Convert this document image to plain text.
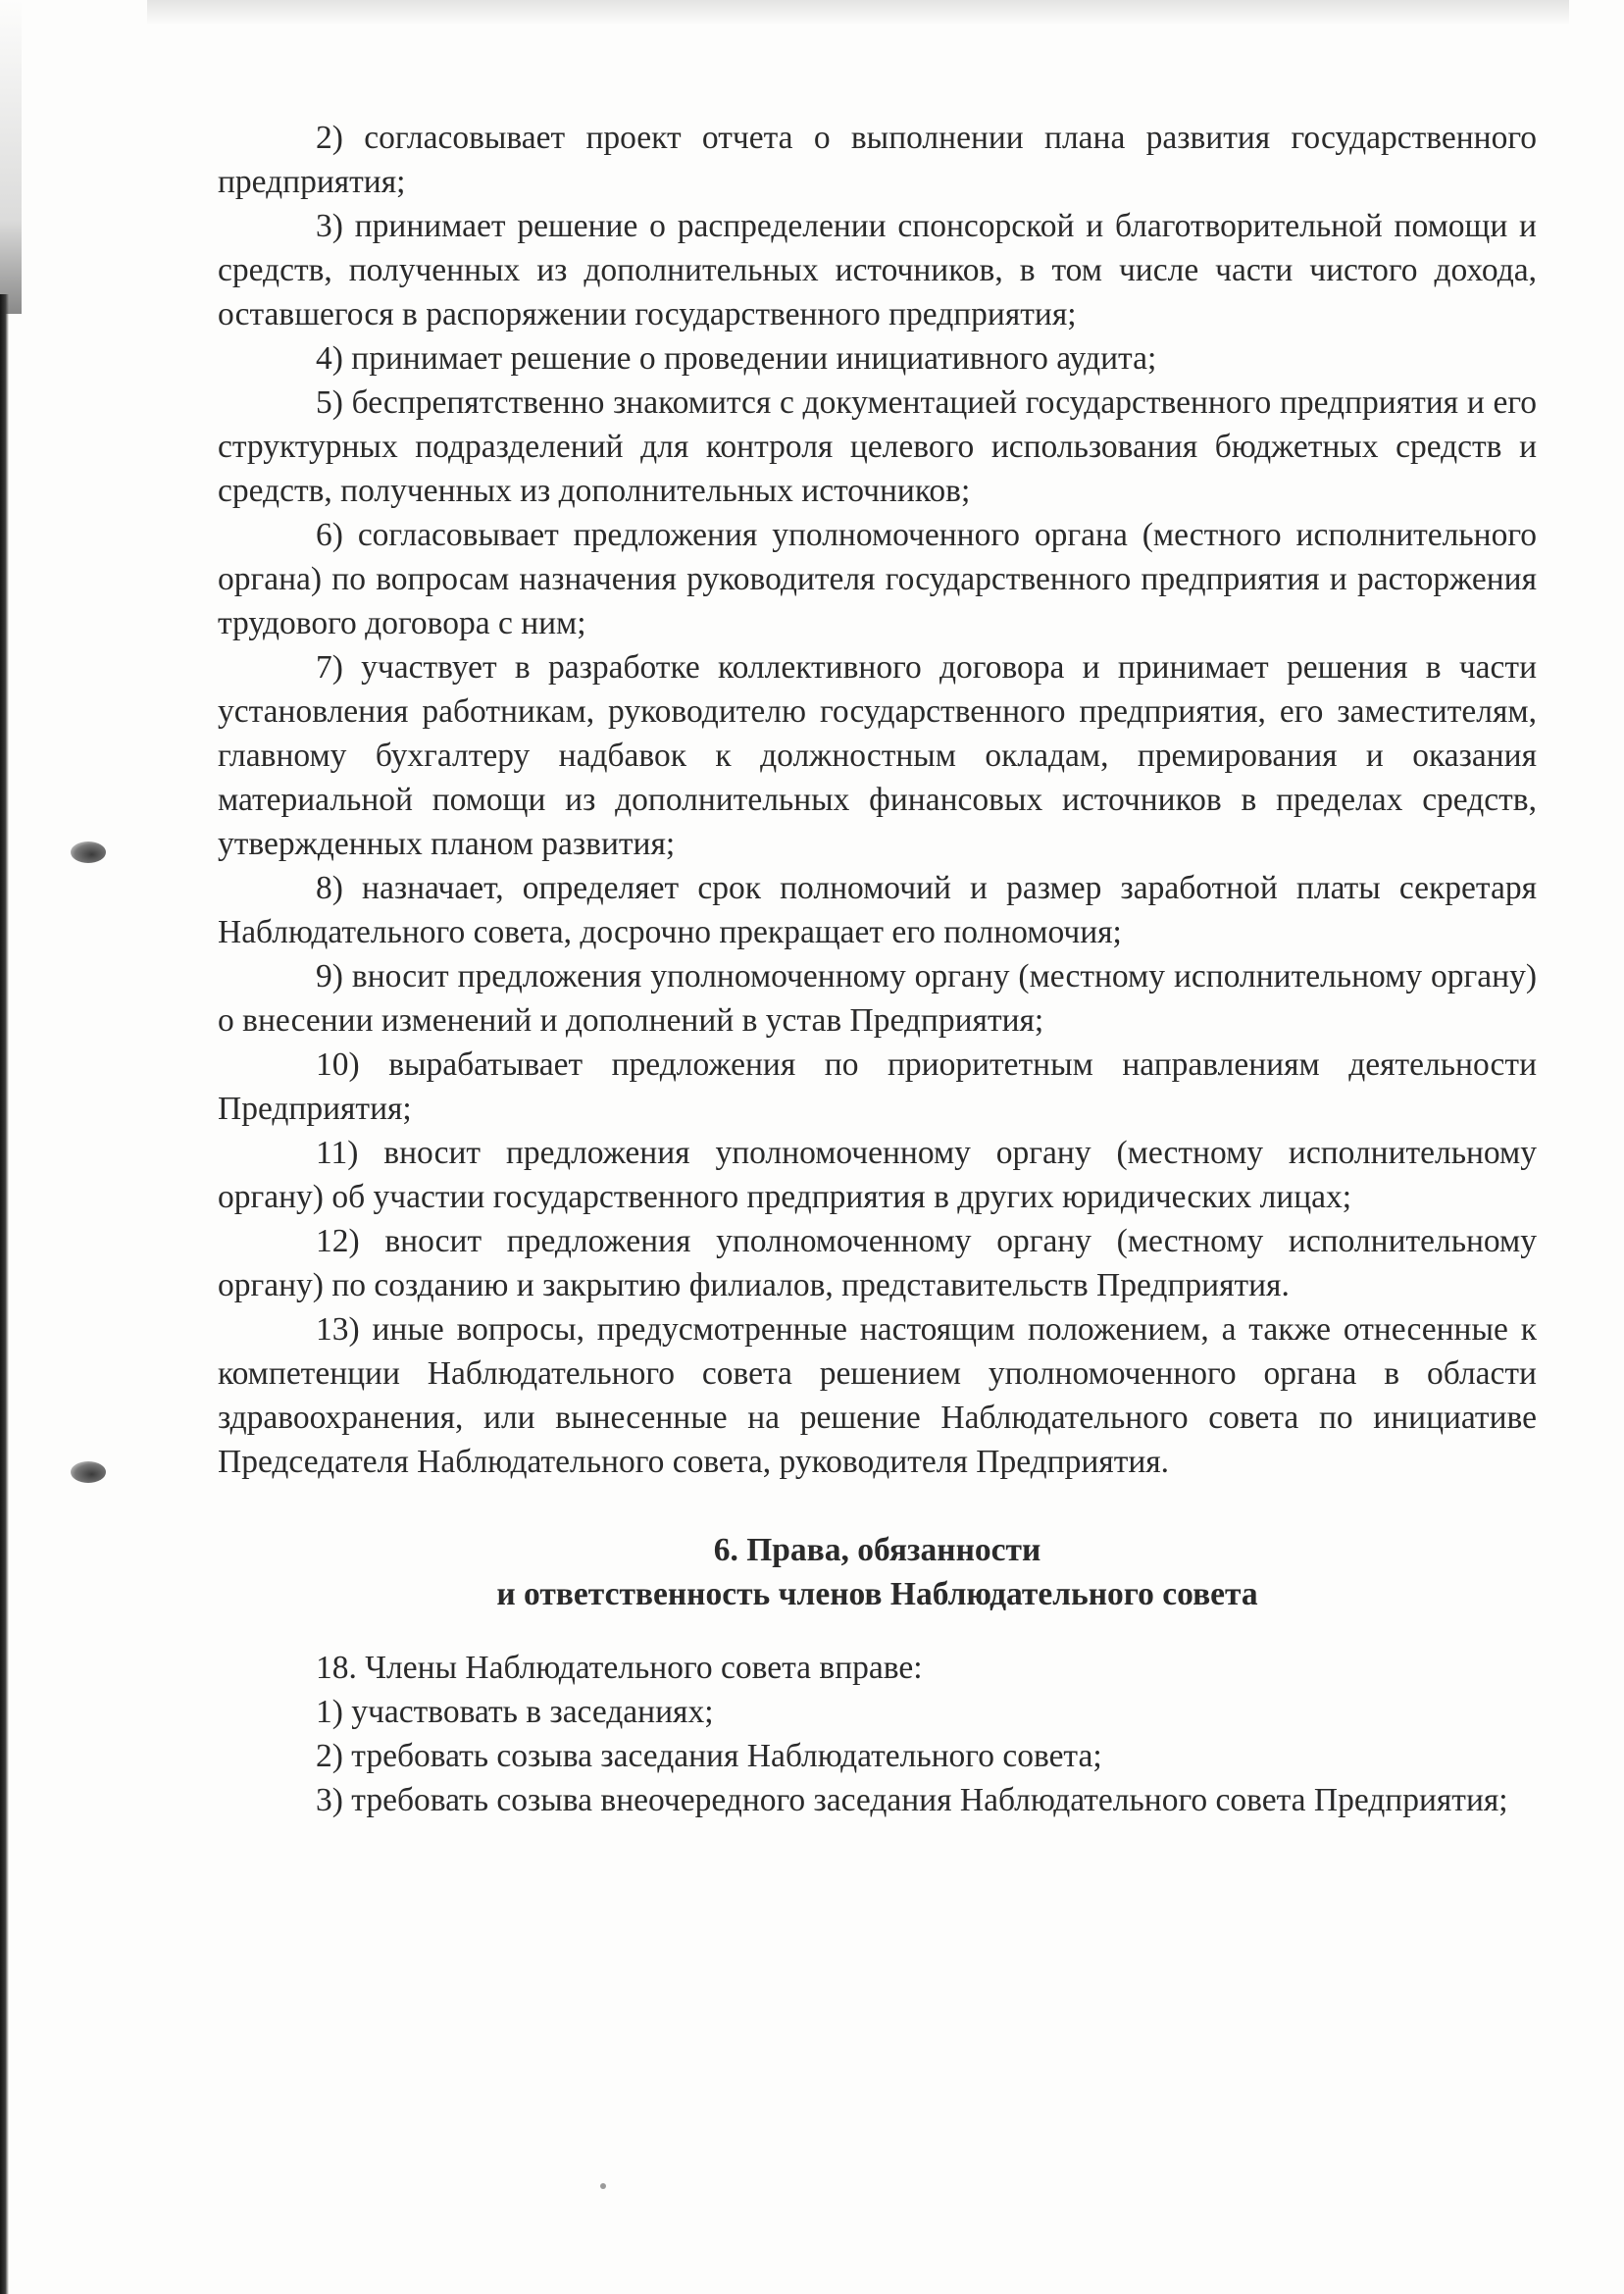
2) согласовывает проект отчета о выполнении плана развития государственного предприятия;

3) принимает решение о распределении спонсорской и благотворительной помощи и средств, полученных из дополнительных источников, в том числе части чистого дохода, оставшегося в распоряжении государственного предприятия;

4) принимает решение о проведении инициативного аудита;

5) беспрепятственно знакомится с документацией государственного предприятия и его структурных подразделений для контроля целевого использования бюджетных средств и средств, полученных из дополнительных источников;

6) согласовывает предложения уполномоченного органа (местного исполнительного органа) по вопросам назначения руководителя государственного предприятия и расторжения трудового договора с ним;

7) участвует в разработке коллективного договора и принимает решения в части установления работникам, руководителю государственного предприятия, его заместителям, главному бухгалтеру надбавок к должностным окладам, премирования и оказания материальной помощи из дополнительных финансовых источников в пределах средств, утвержденных планом развития;

8) назначает, определяет срок полномочий и размер заработной платы секретаря Наблюдательного совета, досрочно прекращает его полномочия;

9) вносит предложения уполномоченному органу (местному исполнительному органу) о внесении изменений и дополнений в устав Предприятия;

10) вырабатывает предложения по приоритетным направлениям деятельности Предприятия;

11) вносит предложения уполномоченному органу (местному исполнительному органу) об участии государственного предприятия в других юридических лицах;

12) вносит предложения уполномоченному органу (местному исполнительному органу) по созданию и закрытию филиалов, представительств Предприятия.

13) иные вопросы, предусмотренные настоящим положением, а также отнесенные к компетенции Наблюдательного совета решением уполномоченного органа в области здравоохранения, или вынесенные на решение Наблюдательного совета по инициативе Председателя Наблюдательного совета, руководителя Предприятия.

6. Права, обязанности

и ответственность членов Наблюдательного совета

18. Члены Наблюдательного совета вправе:

1) участвовать в заседаниях;

2) требовать созыва заседания Наблюдательного совета;

3) требовать созыва внеочередного заседания Наблюдательного совета Предприятия;
